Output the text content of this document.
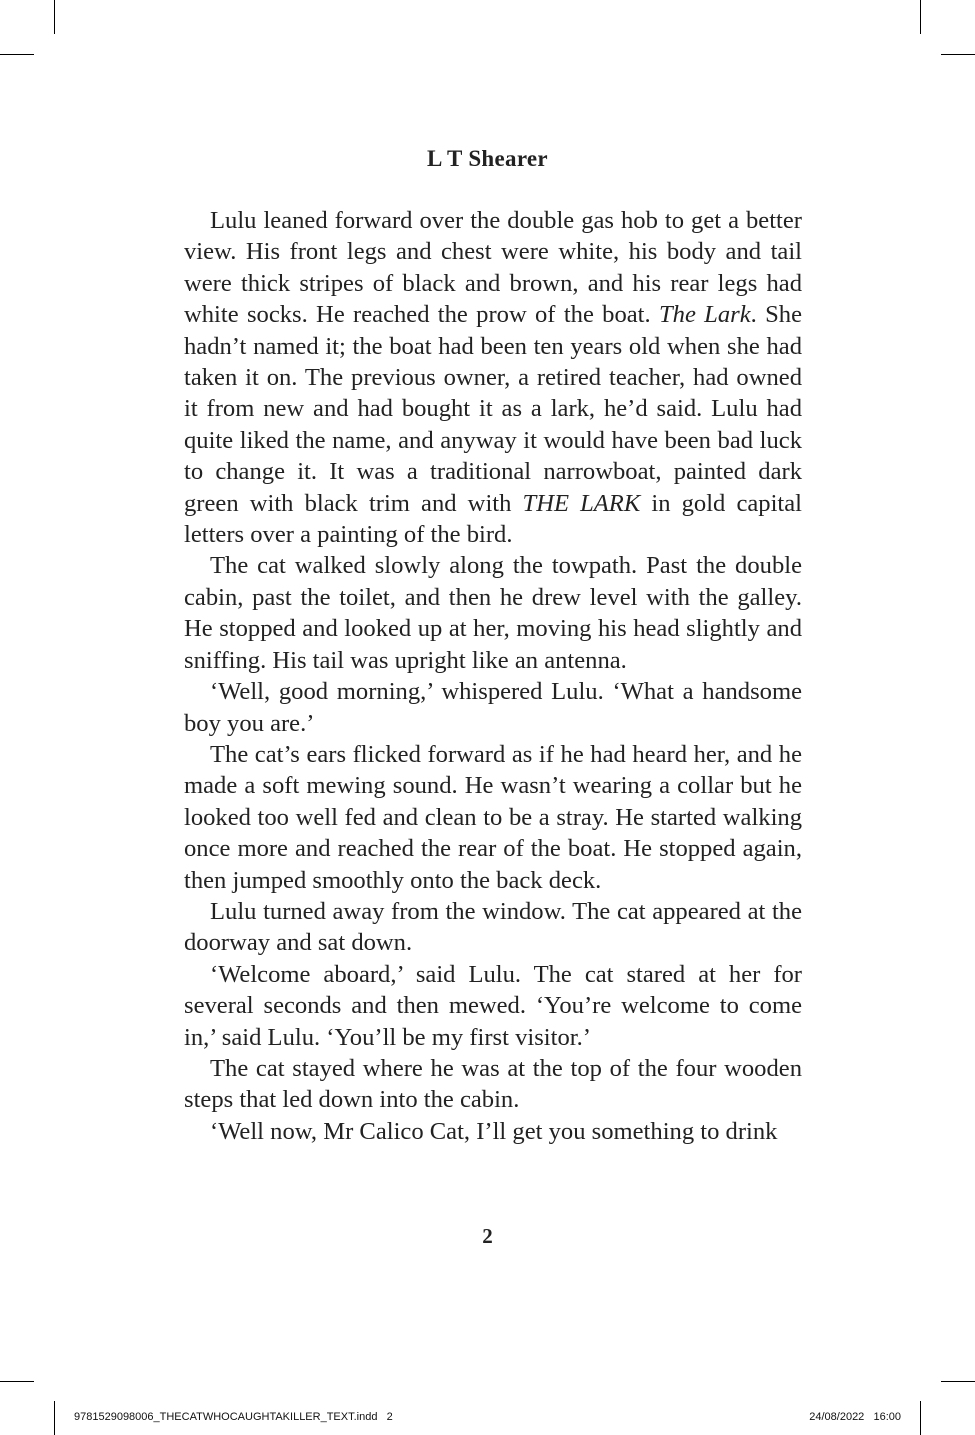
L T Shearer

Lulu leaned forward over the double gas hob to get a better view. His front legs and chest were white, his body and tail were thick stripes of black and brown, and his rear legs had white socks. He reached the prow of the boat. The Lark. She hadn’t named it; the boat had been ten years old when she had taken it on. The previous owner, a retired teacher, had owned it from new and had bought it as a lark, he’d said. Lulu had quite liked the name, and anyway it would have been bad luck to change it. It was a traditional narrowboat, painted dark green with black trim and with THE LARK in gold capital letters over a painting of the bird.

The cat walked slowly along the towpath. Past the double cabin, past the toilet, and then he drew level with the galley. He stopped and looked up at her, moving his head slightly and sniffing. His tail was upright like an antenna.

‘Well, good morning,’ whispered Lulu. ‘What a handsome boy you are.’

The cat’s ears flicked forward as if he had heard her, and he made a soft mewing sound. He wasn’t wearing a collar but he looked too well fed and clean to be a stray. He started walking once more and reached the rear of the boat. He stopped again, then jumped smoothly onto the back deck.

Lulu turned away from the window. The cat appeared at the doorway and sat down.

‘Welcome aboard,’ said Lulu. The cat stared at her for several seconds and then mewed. ‘You’re welcome to come in,’ said Lulu. ‘You’ll be my first visitor.’

The cat stayed where he was at the top of the four wooden steps that led down into the cabin.

‘Well now, Mr Calico Cat, I’ll get you something to drink

2
9781529098006_THECATWHOCAUGHTAKILLER_TEXT.indd   2	24/08/2022   16:00
